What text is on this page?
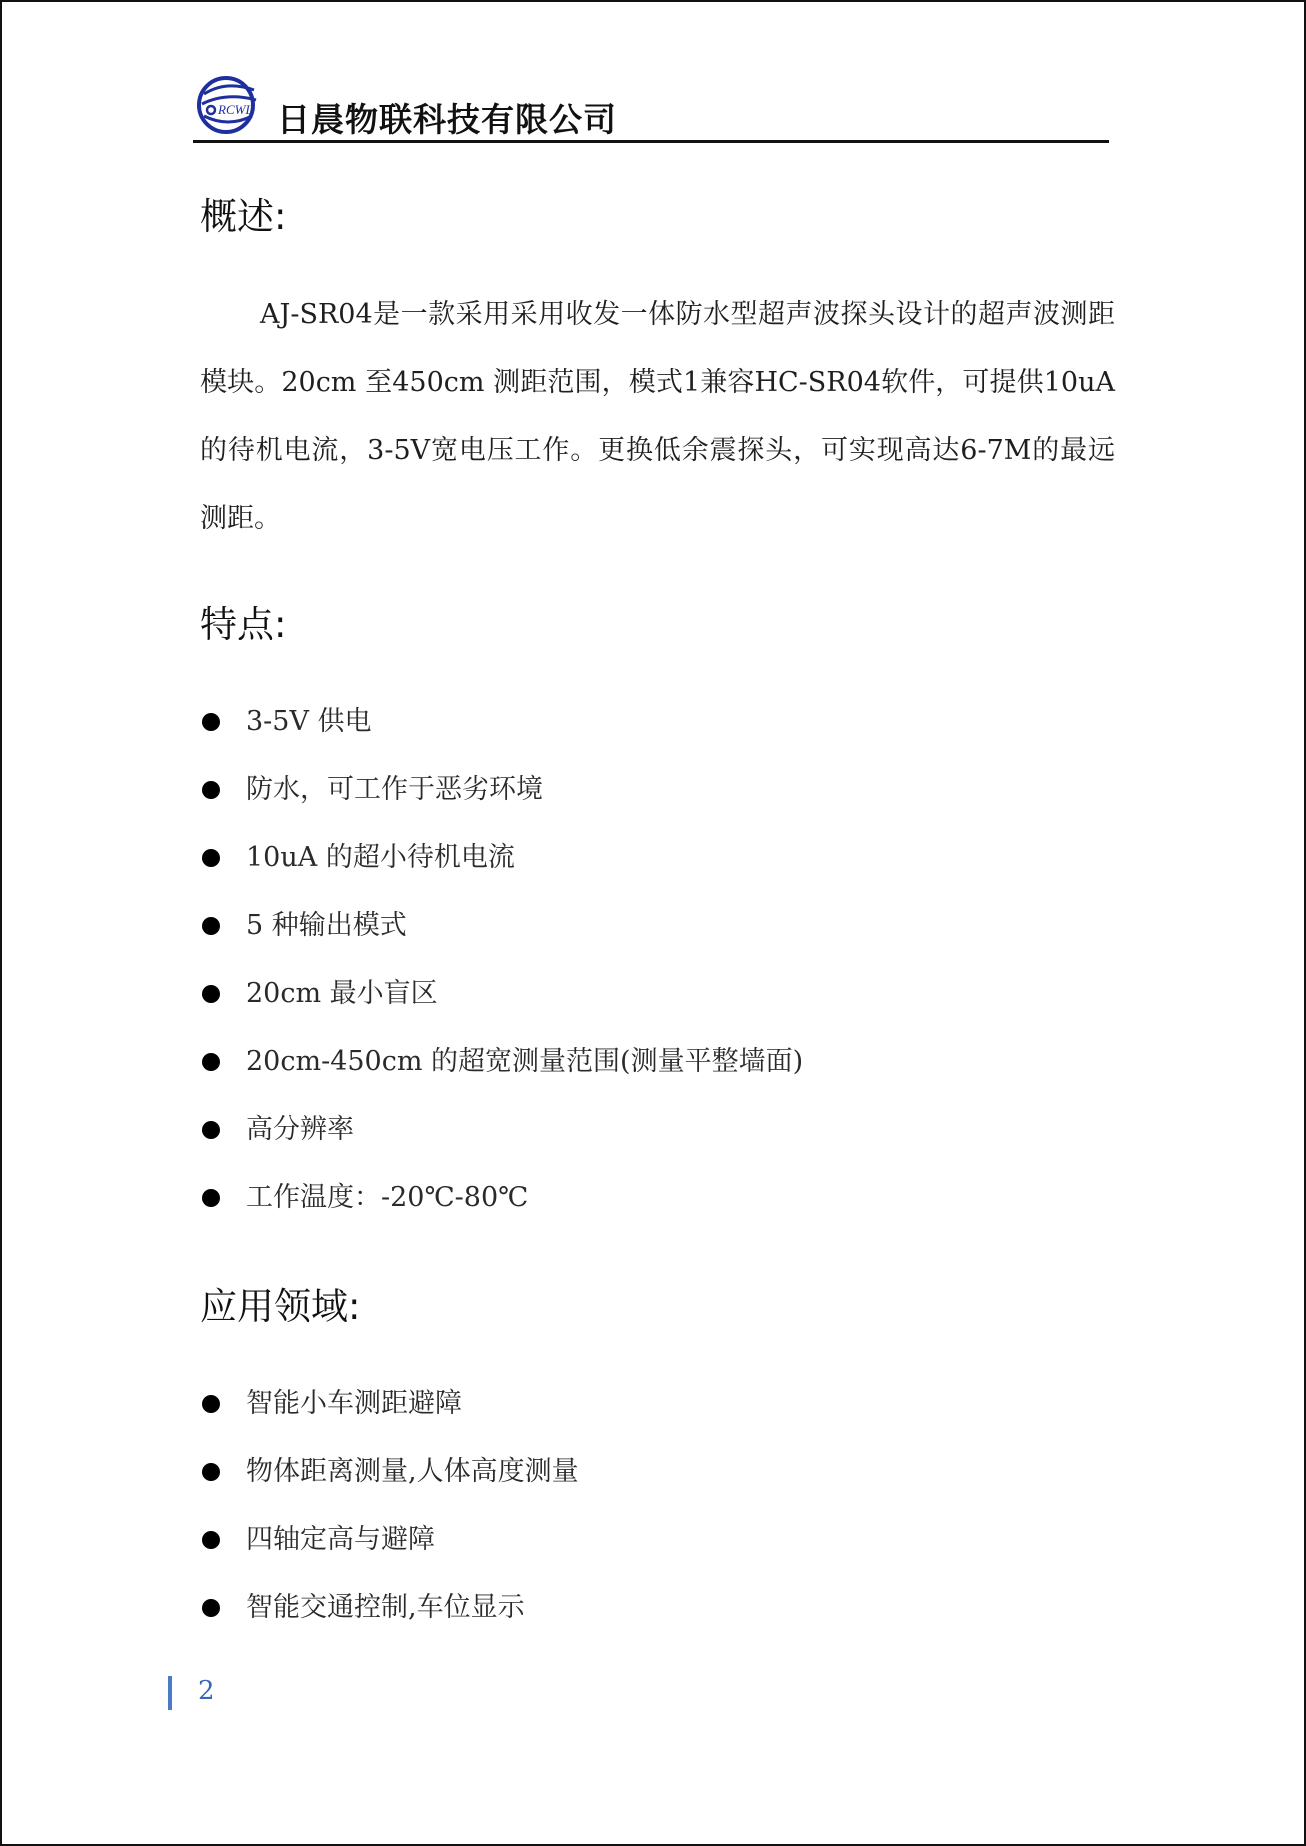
RCWL 日晨物联科技有限公司
概述:

AJ-SR04是一款采用采用收发一体防水型超声波探头设计的超声波测距模块。20cm 至450cm 测距范围，模式1兼容HC-SR04软件，可提供10uA的待机电流，3-5V宽电压工作。更换低余震探头，可实现高达6-7M的最远测距。

特点:
3-5V 供电
防水，可工作于恶劣环境
10uA 的超小待机电流
5 种输出模式
20cm 最小盲区
20cm-450cm 的超宽测量范围(测量平整墙面)
高分辨率
工作温度：-20℃-80℃
应用领域:
智能小车测距避障
物体距离测量,人体高度测量
四轴定高与避障
智能交通控制,车位显示
2
